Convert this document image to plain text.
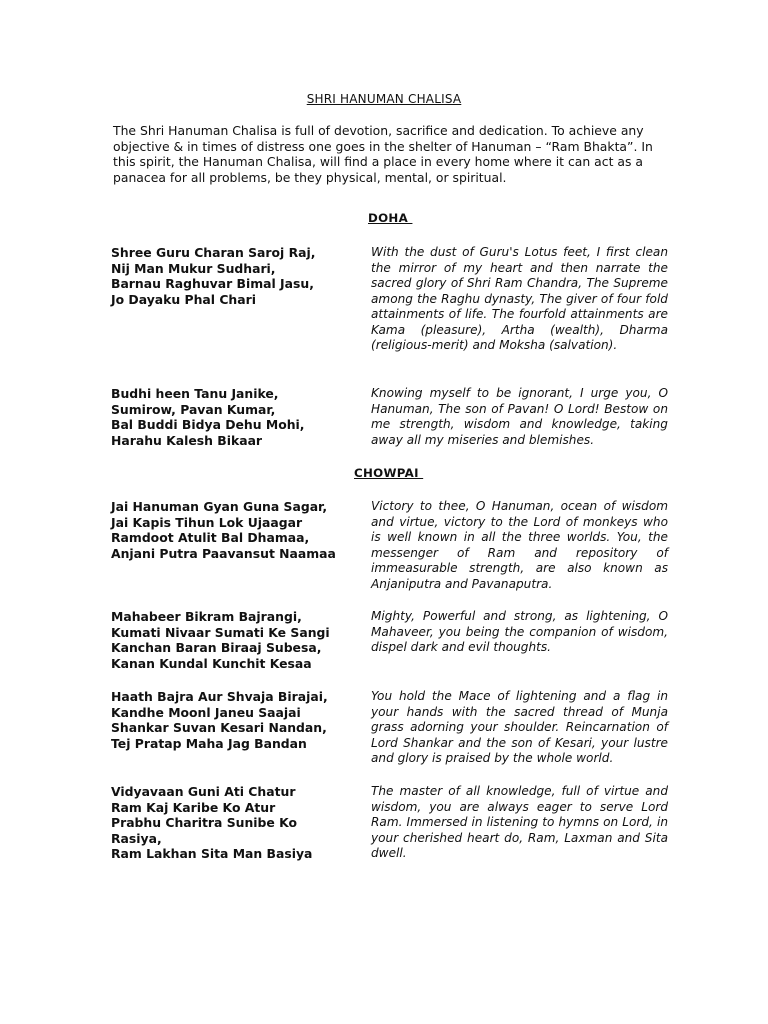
SHRI HANUMAN CHALISA

The Shri Hanuman Chalisa is full of devotion, sacrifice and dedication. To achieve any objective & in times of distress one goes in the shelter of Hanuman – “Ram Bhakta”. In this spirit, the Hanuman Chalisa, will find a place in every home where it can act as a panacea for all problems, be they physical, mental, or spiritual.

DOHA
Shree Guru Charan Saroj Raj,
Nij Man Mukur Sudhari,
Barnau Raghuvar Bimal Jasu,
Jo Dayaku Phal Chari
With the dust of Guru's Lotus feet, I first clean the mirror of my heart and then narrate the sacred glory of Shri Ram Chandra, The Supreme among the Raghu dynasty, The giver of four fold attainments of life. The fourfold attainments are Kama (pleasure), Artha (wealth), Dharma (religious-merit) and Moksha (salvation).
Budhi heen Tanu Janike,
Sumirow, Pavan Kumar,
Bal Buddi Bidya Dehu Mohi,
Harahu Kalesh Bikaar
Knowing myself to be ignorant, I urge you, O Hanuman, The son of Pavan! O Lord! Bestow on me strength, wisdom and knowledge, taking away all my miseries and blemishes.
CHOWPAI
Jai Hanuman Gyan Guna Sagar,
Jai Kapis Tihun Lok Ujaagar
Ramdoot Atulit Bal Dhamaa,
Anjani Putra Paavansut Naamaa
Victory to thee, O Hanuman, ocean of wisdom and virtue, victory to the Lord of monkeys who is well known in all the three worlds. You, the messenger of Ram and repository of immeasurable strength, are also known as Anjaniputra and Pavanaputra.
Mahabeer Bikram Bajrangi,
Kumati Nivaar Sumati Ke Sangi
Kanchan Baran Biraaj Subesa,
Kanan Kundal Kunchit Kesaa
Mighty, Powerful and strong, as lightening, O Mahaveer, you being the companion of wisdom, dispel dark and evil thoughts.
Haath Bajra Aur Shvaja Birajai,
Kandhe Moonl Janeu Saajai
Shankar Suvan Kesari Nandan,
Tej Pratap Maha Jag Bandan
You hold the Mace of lightening and a flag in your hands with the sacred thread of Munja grass adorning your shoulder. Reincarnation of Lord Shankar and the son of Kesari, your lustre and glory is praised by the whole world.
Vidyavaan Guni Ati Chatur
Ram Kaj Karibe Ko Atur
Prabhu Charitra Sunibe Ko
Rasiya,
Ram Lakhan Sita Man Basiya
The master of all knowledge, full of virtue and wisdom, you are always eager to serve Lord Ram. Immersed in listening to hymns on Lord, in your cherished heart do, Ram, Laxman and Sita dwell.
